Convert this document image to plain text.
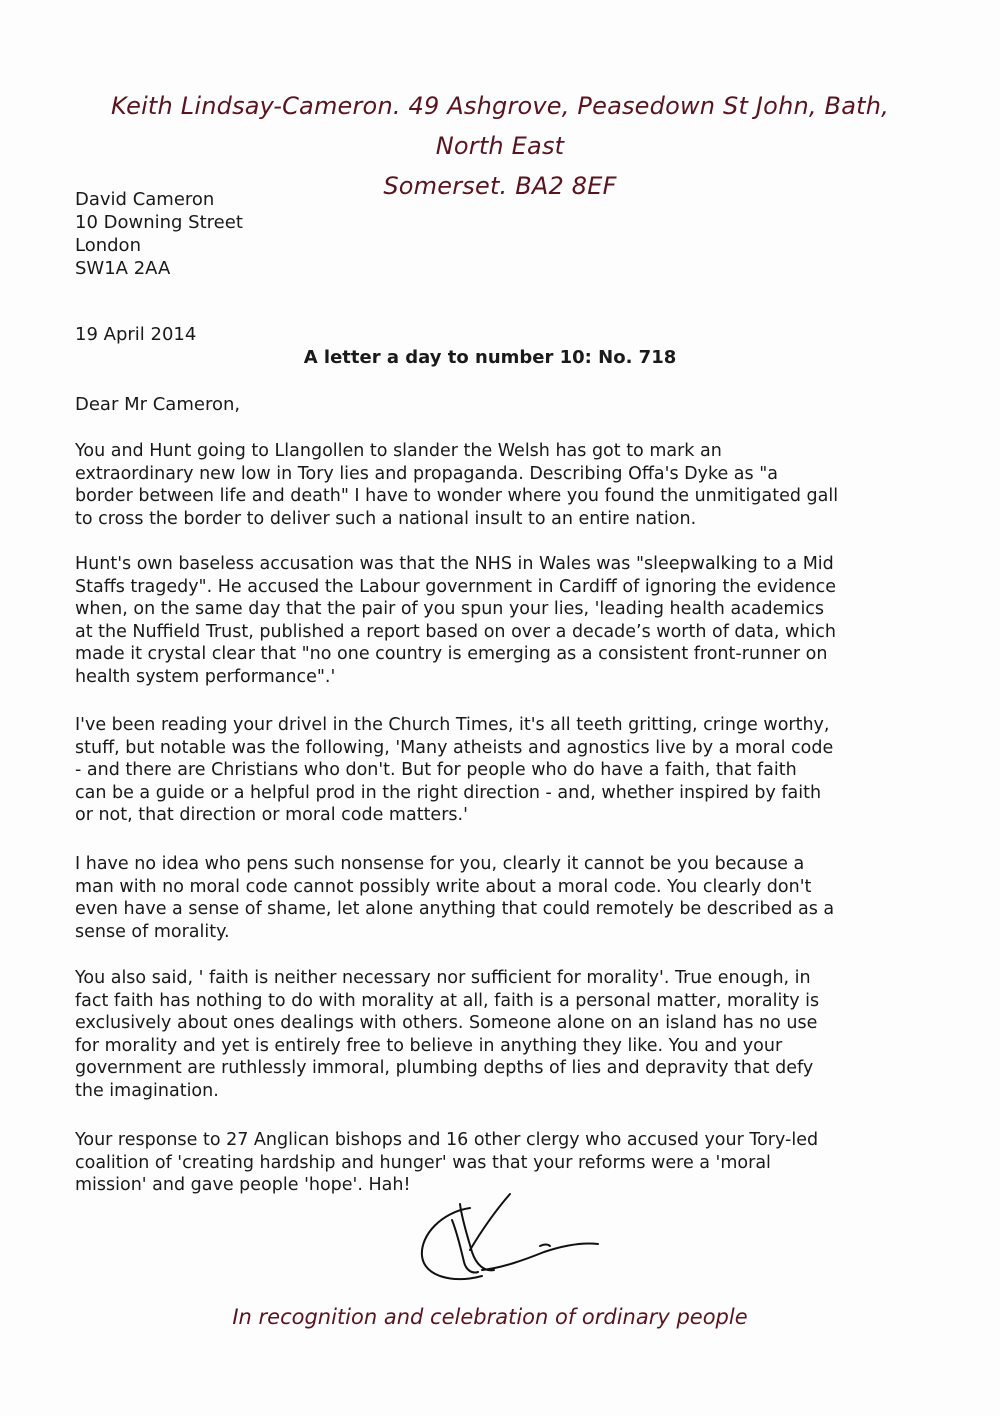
Keith Lindsay-Cameron. 49 Ashgrove, Peasedown St John, Bath, North East
Somerset. BA2 8EF
David Cameron
10 Downing Street
London
SW1A 2AA
19 April 2014
A letter a day to number 10: No. 718
Dear Mr Cameron,
You and Hunt going to Llangollen to slander the Welsh has got to mark an
extraordinary new low in Tory lies and propaganda. Describing Offa's Dyke as "a
border between life and death" I have to wonder where you found the unmitigated gall
to cross the border to deliver such a national insult to an entire nation.
Hunt's own baseless accusation was that the NHS in Wales was "sleepwalking to a Mid
Staffs tragedy". He accused the Labour government in Cardiff of ignoring the evidence
when, on the same day that the pair of you spun your lies, 'leading health academics
at the Nuffield Trust, published a report based on over a decade’s worth of data, which
made it crystal clear that "no one country is emerging as a consistent front-runner on
health system performance".'
I've been reading your drivel in the Church Times, it's all teeth gritting, cringe worthy,
stuff, but notable was the following, 'Many atheists and agnostics live by a moral code
- and there are Christians who don't. But for people who do have a faith, that faith
can be a guide or a helpful prod in the right direction - and, whether inspired by faith
or not, that direction or moral code matters.'
I have no idea who pens such nonsense for you, clearly it cannot be you because a
man with no moral code cannot possibly write about a moral code. You clearly don't
even have a sense of shame, let alone anything that could remotely be described as a
sense of morality.
You also said, ' faith is neither necessary nor sufficient for morality'. True enough, in
fact faith has nothing to do with morality at all, faith is a personal matter, morality is
exclusively about ones dealings with others. Someone alone on an island has no use
for morality and yet is entirely free to believe in anything they like. You and your
government are ruthlessly immoral, plumbing depths of lies and depravity that defy
the imagination.
Your response to 27 Anglican bishops and 16 other clergy who accused your Tory-led
coalition of 'creating hardship and hunger' was that your reforms were a 'moral
mission' and gave people 'hope'. Hah!
In recognition and celebration of ordinary people
